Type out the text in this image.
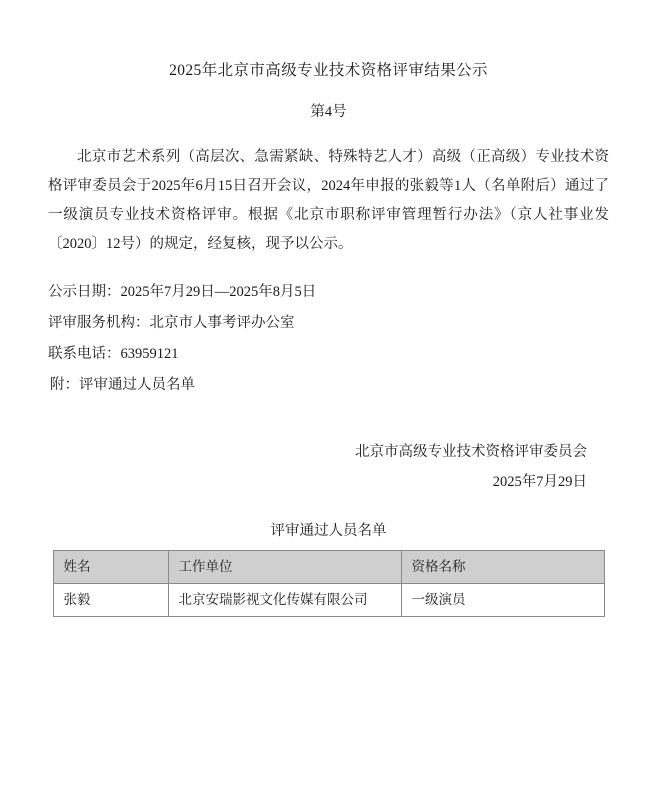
2025年北京市高级专业技术资格评审结果公示
第4号

北京市艺术系列（高层次、急需紧缺、特殊特艺人才）高级（正高级）专业技术资格评审委员会于2025年6月15日召开会议，2024年申报的张毅等1人（名单附后）通过了一级演员专业技术资格评审。根据《北京市职称评审管理暂行办法》（京人社事业发〔2020〕12号）的规定，经复核，现予以公示。

公示日期：2025年7月29日—2025年8月5日
评审服务机构：北京市人事考评办公室
联系电话：63959121
附：评审通过人员名单
北京市高级专业技术资格评审委员会
2025年7月29日
评审通过人员名单
姓名	工作单位	资格名称
张毅	北京安瑞影视文化传媒有限公司	一级演员
